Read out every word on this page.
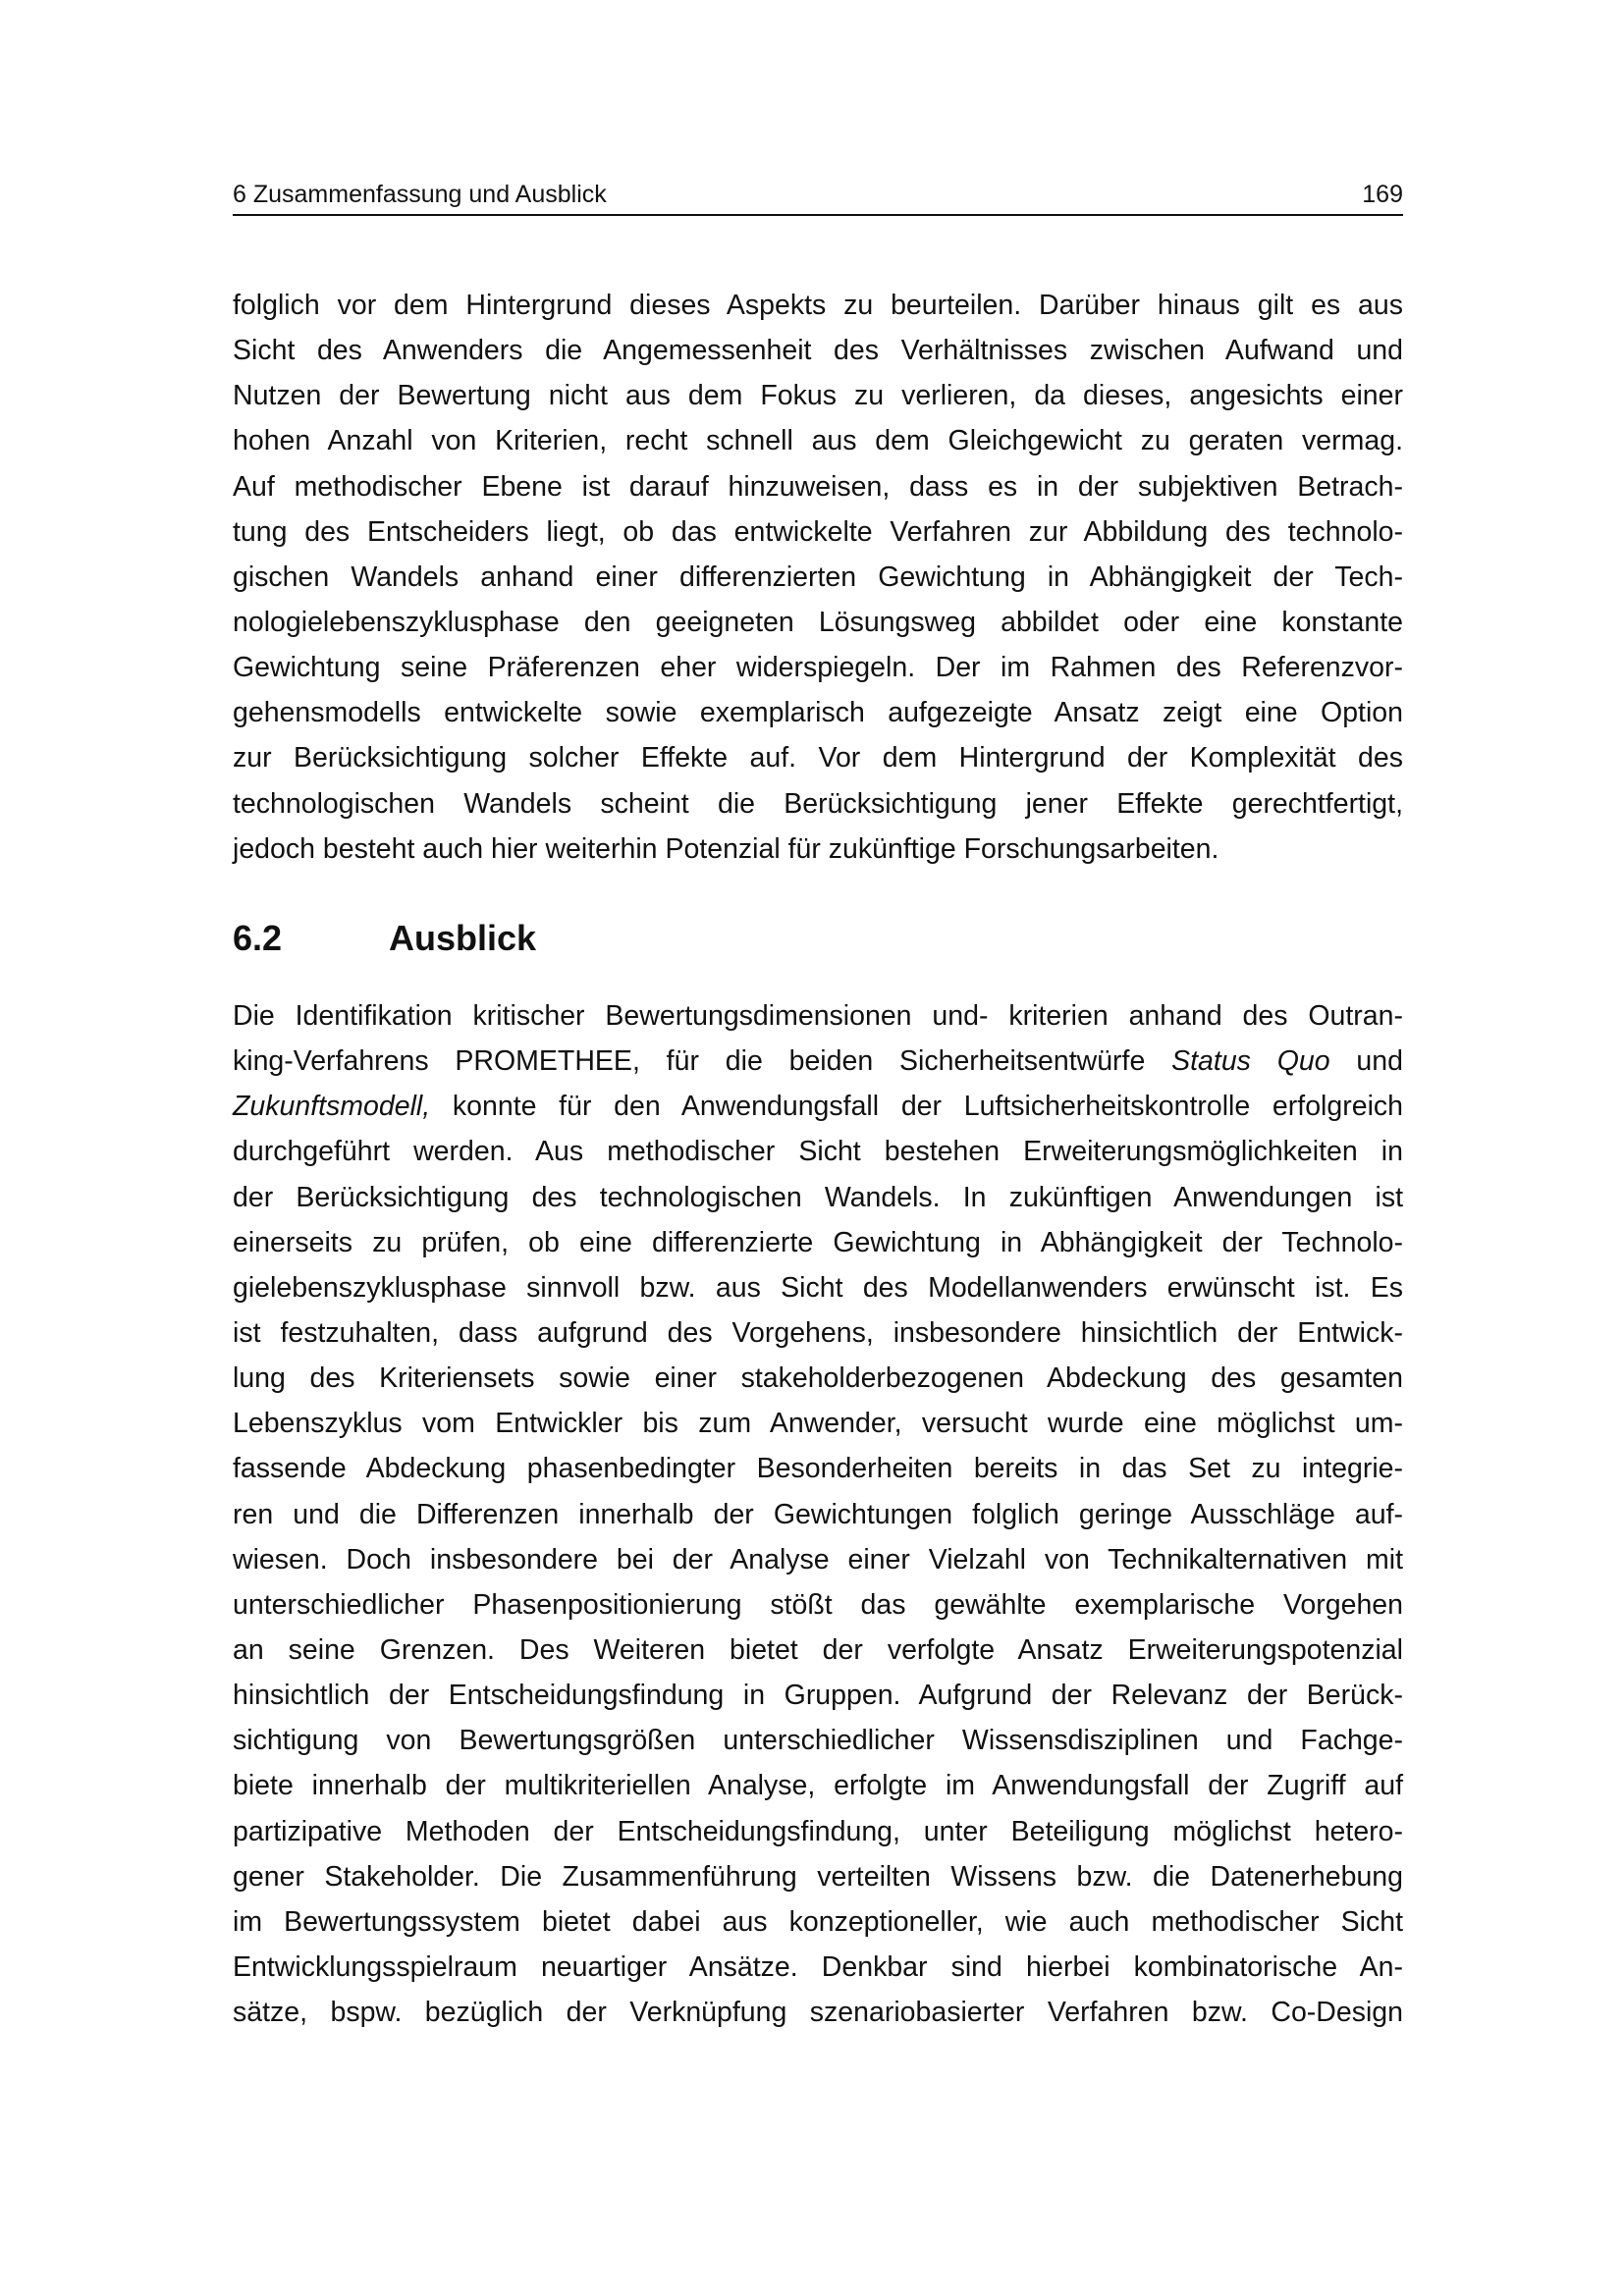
6 Zusammenfassung und Ausblick	169
folglich vor dem Hintergrund dieses Aspekts zu beurteilen. Darüber hinaus gilt es aus
Sicht des Anwenders die Angemessenheit des Verhältnisses zwischen Aufwand und
Nutzen der Bewertung nicht aus dem Fokus zu verlieren, da dieses, angesichts einer
hohen Anzahl von Kriterien, recht schnell aus dem Gleichgewicht zu geraten vermag.
Auf methodischer Ebene ist darauf hinzuweisen, dass es in der subjektiven Betrach-
tung des Entscheiders liegt, ob das entwickelte Verfahren zur Abbildung des technolo-
gischen Wandels anhand einer differenzierten Gewichtung in Abhängigkeit der Tech-
nologielebenszyklusphase den geeigneten Lösungsweg abbildet oder eine konstante
Gewichtung seine Präferenzen eher widerspiegeln. Der im Rahmen des Referenzvor-
gehensmodells entwickelte sowie exemplarisch aufgezeigte Ansatz zeigt eine Option
zur Berücksichtigung solcher Effekte auf. Vor dem Hintergrund der Komplexität des
technologischen Wandels scheint die Berücksichtigung jener Effekte gerechtfertigt,
jedoch besteht auch hier weiterhin Potenzial für zukünftige Forschungsarbeiten.
6.2	Ausblick
Die Identifikation kritischer Bewertungsdimensionen und- kriterien anhand des Outran-
king-Verfahrens PROMETHEE, für die beiden Sicherheitsentwürfe Status Quo und
Zukunftsmodell, konnte für den Anwendungsfall der Luftsicherheitskontrolle erfolgreich
durchgeführt werden. Aus methodischer Sicht bestehen Erweiterungsmöglichkeiten in
der Berücksichtigung des technologischen Wandels. In zukünftigen Anwendungen ist
einerseits zu prüfen, ob eine differenzierte Gewichtung in Abhängigkeit der Technolo-
gielebenszyklusphase sinnvoll bzw. aus Sicht des Modellanwenders erwünscht ist. Es
ist festzuhalten, dass aufgrund des Vorgehens, insbesondere hinsichtlich der Entwick-
lung des Kriteriensets sowie einer stakeholderbezogenen Abdeckung des gesamten
Lebenszyklus vom Entwickler bis zum Anwender, versucht wurde eine möglichst um-
fassende Abdeckung phasenbedingter Besonderheiten bereits in das Set zu integrie-
ren und die Differenzen innerhalb der Gewichtungen folglich geringe Ausschläge auf-
wiesen. Doch insbesondere bei der Analyse einer Vielzahl von Technikalternativen mit
unterschiedlicher Phasenpositionierung stößt das gewählte exemplarische Vorgehen
an seine Grenzen. Des Weiteren bietet der verfolgte Ansatz Erweiterungspotenzial
hinsichtlich der Entscheidungsfindung in Gruppen. Aufgrund der Relevanz der Berück-
sichtigung von Bewertungsgrößen unterschiedlicher Wissensdisziplinen und Fachge-
biete innerhalb der multikriteriellen Analyse, erfolgte im Anwendungsfall der Zugriff auf
partizipative Methoden der Entscheidungsfindung, unter Beteiligung möglichst hetero-
gener Stakeholder. Die Zusammenführung verteilten Wissens bzw. die Datenerhebung
im Bewertungssystem bietet dabei aus konzeptioneller, wie auch methodischer Sicht
Entwicklungsspielraum neuartiger Ansätze. Denkbar sind hierbei kombinatorische An-
sätze, bspw. bezüglich der Verknüpfung szenariobasierter Verfahren bzw. Co-Design
